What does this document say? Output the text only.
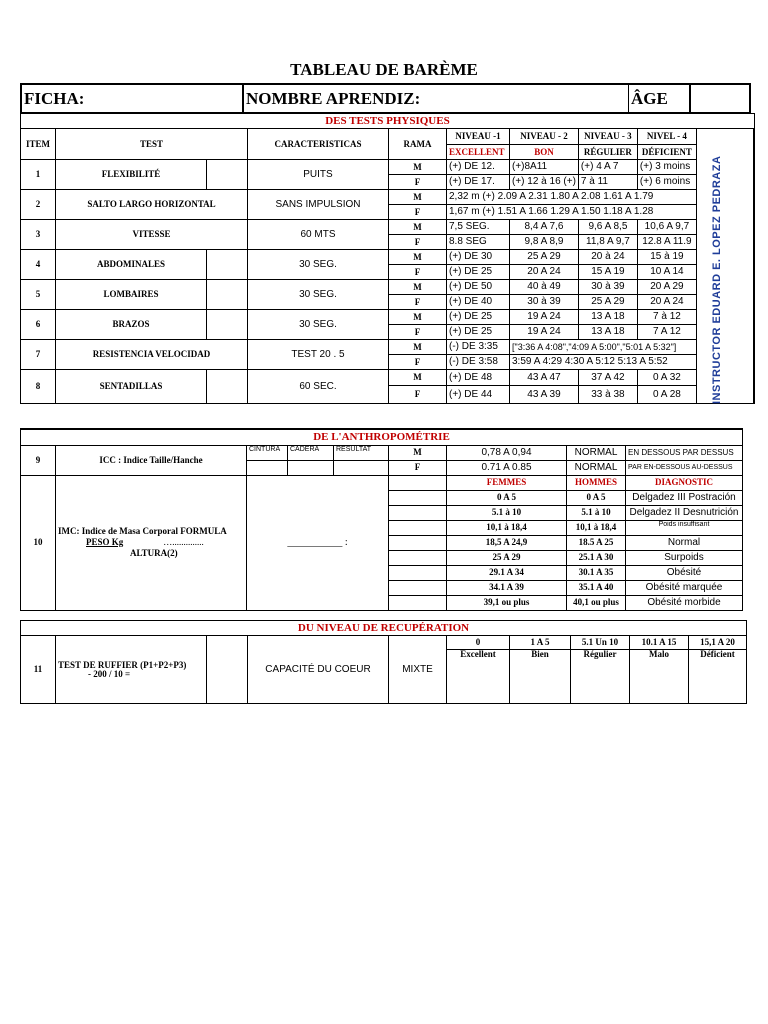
TABLEAU DE BARÈME
FICHA:	NOMBRE APRENDIZ:	ÂGE	
DES TESTS PHYSIQUES									
ITEM	TEST		CARACTERISTICAS	RAMA	NIVEAU -1	NIVEAU - 2	NIVEAU - 3	NIVEL - 4	
					EXCELLENT	BON	RÉGULIER	DÉFICIENT	
1	FLEXIBILITÉ		PUITS	M	(+) DE 12.	(+)8A11	(+) 4 A 7	(+) 3 moins	
				F	(+) DE 17.	(+) 12 à 16 (+)	7 à 11	(+) 6 moins	
2	SALTO LARGO HORIZONTAL		SANS IMPULSION	M	2,32 m (+) 2.09 A 2.31 1.80 A 2.08 1.61 A 1.79				
				F	1,67 m (+) 1.51 A 1.66 1.29 A 1.50 1.18 A 1.28				
3	VITESSE		60 MTS	M	7,5 SEG.	8,4 A 7,6	9,6 A 8,5	10,6 A 9,7	
				F	8.8 SEG	9,8 A 8,9	11,8 A 9,7	12.8 A 11.9	
4	ABDOMINALES		30 SEG.	M	(+) DE 30	25 A 29	20 à 24	15 à 19	
				F	(+) DE 25	20 A 24	15 A 19	10 A 14	
5	LOMBAIRES		30 SEG.	M	(+) DE 50	40 à 49	30 à 39	20 A 29	
				F	(+) DE 40	30 à 39	25 A 29	20 A 24	
6	BRAZOS		30 SEG.	M	(+) DE 25	19 A 24	13 A 18	7 à 12	
				F	(+) DE 25	19 A 24	13 A 18	7 A 12	
7	RESISTENCIA VELOCIDAD		TEST 20 . 5	M	(-) DE 3:35	["3:36 A 4:08","4:09 A 5:00","5:01 A 5:32"]			
				F	(-) DE 3:58	3:59 A 4:29 4:30 A 5:12 5:13 A 5:52			
8	SENTADILLAS		60 SEC.	M	(+) DE 48	43 A 47	37 A 42	0 A 32	
				F	(+) DE 44	43 A 39	33 à 38	0 A 28		INSTRUCTOR EDUARD E. LOPEZ PEDRAZA
DE L'ANTHROPOMÉTRIE								
9	ICC : Indice Taille/Hanche	CINTURA	CADERA	RÉSULTAT	M	0,78 A 0,94	NORMAL	EN DESSOUS PAR DESSUS
					F	0.71 A 0.85	NORMAL	PAR EN-DESSOUS AU-DESSUS
10	IMC: Indice de Masa Corporal FORMULA
PESO Kg …..............
ALTURA(2)	___________ :				FEMMES	HOMMES	DIAGNOSTIC
						0 A 5	0 A 5	Delgadez III Postración
						5.1 à 10	5.1 à 10	Delgadez II Desnutrición
						10,1 à 18,4	10,1 à 18,4	Poids insuffisant
						18,5 A 24,9	18.5 A 25	Normal
						25 A 29	25.1 A 30	Surpoids
						29.1 A 34	30.1 A 35	Obésité
						34.1 A 39	35.1 A 40	Obésité marquée
						39,1 ou plus	40,1 ou plus	Obésité morbide
DU NIVEAU DE RECUPÉRATION									
11	TEST DE RUFFIER (P1+P2+P3)
- 200 / 10 =		CAPACITÉ DU COEUR	MIXTE	0	1 A 5	5.1 Un 10	10.1 A 15	15,1 A 20
					Excellent	Bien	Régulier	Malo	Déficient
